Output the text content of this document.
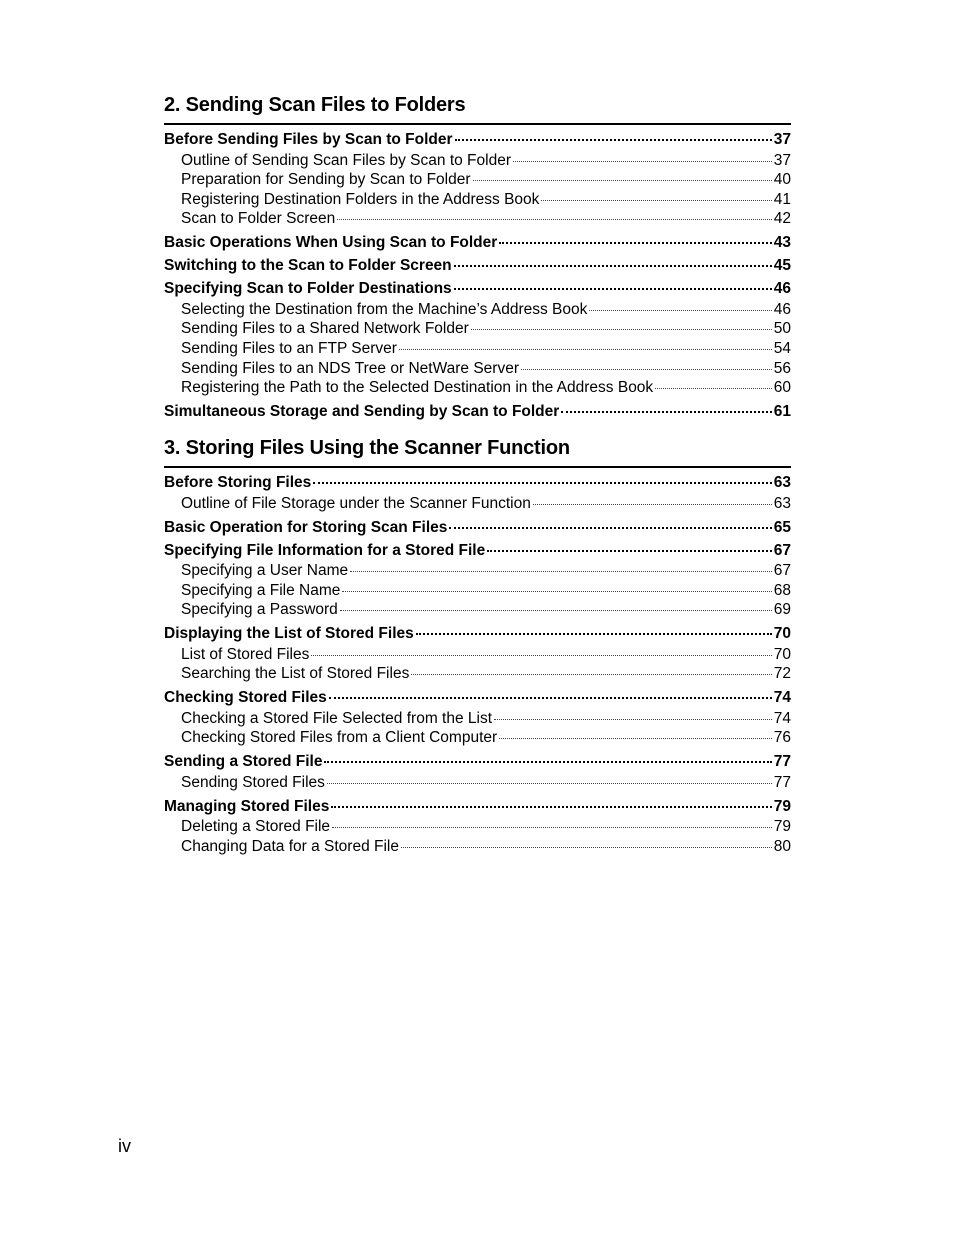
2. Sending Scan Files to Folders
Before Sending Files by Scan to Folder	37
Outline of Sending Scan Files by Scan to Folder	37
Preparation for Sending by Scan to Folder	40
Registering Destination Folders in the Address Book	41
Scan to Folder Screen	42
Basic Operations When Using Scan to Folder	43
Switching to the Scan to Folder Screen	45
Specifying Scan to Folder Destinations	46
Selecting the Destination from the Machine’s Address Book	46
Sending Files to a Shared Network Folder	50
Sending Files to an FTP Server	54
Sending Files to an NDS Tree or NetWare Server	56
Registering the Path to the Selected Destination in the Address Book	60
Simultaneous Storage and Sending by Scan to Folder	61
3. Storing Files Using the Scanner Function
Before Storing Files	63
Outline of File Storage under the Scanner Function	63
Basic Operation for Storing Scan Files	65
Specifying File Information for a Stored File	67
Specifying a User Name	67
Specifying a File Name	68
Specifying a Password	69
Displaying the List of Stored Files	70
List of Stored Files	70
Searching the List of Stored Files	72
Checking Stored Files	74
Checking a Stored File Selected from the List	74
Checking Stored Files from a Client Computer	76
Sending a Stored File	77
Sending Stored Files	77
Managing Stored Files	79
Deleting a Stored File	79
Changing Data for a Stored File	80
iv
